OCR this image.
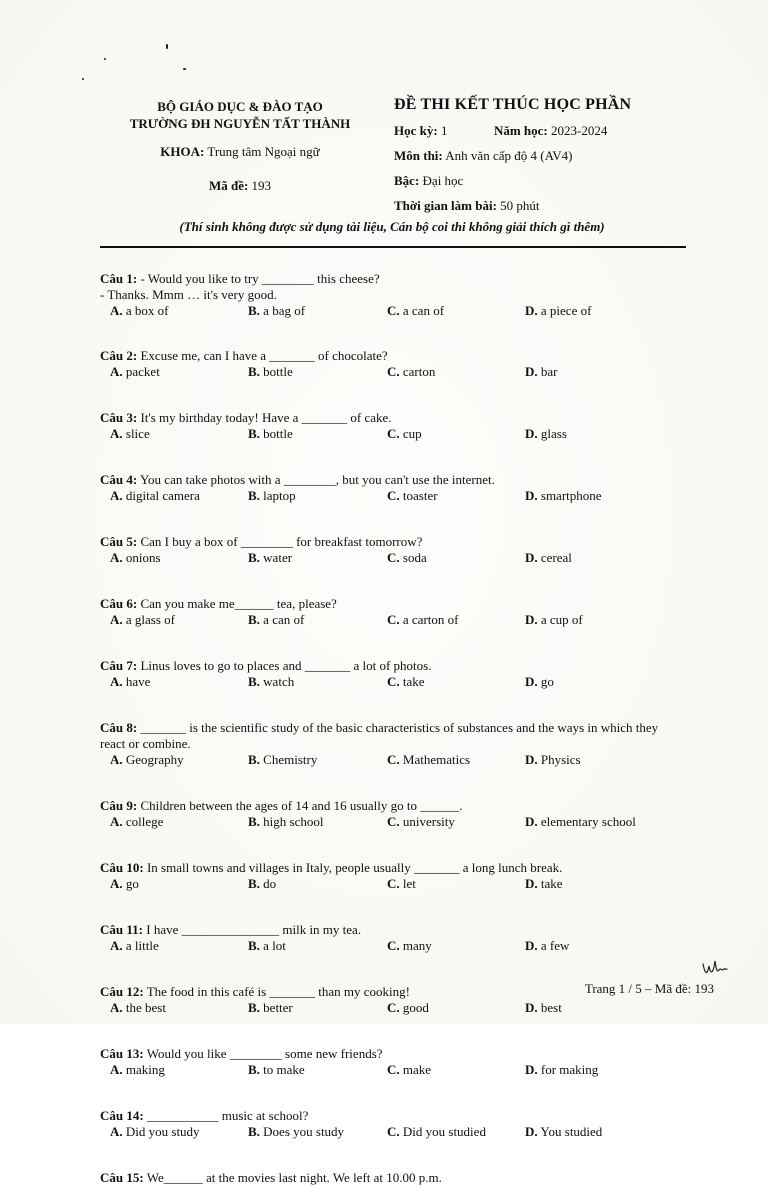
BỘ GIÁO DỤC & ĐÀO TẠO
TRƯỜNG ĐH NGUYỄN TẤT THÀNH
KHOA: Trung tâm Ngoại ngữ
Mã đề: 193
ĐỀ THI KẾT THÚC HỌC PHẦN
Học kỳ: 1	Năm học: 2023-2024
Môn thi: Anh văn cấp độ 4 (AV4)
Bậc: Đại học
Thời gian làm bài: 50 phút
(Thí sinh không được sử dụng tài liệu, Cán bộ coi thi không giải thích gì thêm)
Câu 1: - Would you like to try ________ this cheese?
- Thanks. Mmm … it's very good.
A. a box of	B. a bag of	C. a can of	D. a piece of
Câu 2: Excuse me, can I have a _______ of chocolate?
A. packet	B. bottle	C. carton	D. bar
Câu 3: It's my birthday today! Have a _______ of cake.
A. slice	B. bottle	C. cup	D. glass
Câu 4: You can take photos with a ________, but you can't use the internet.
A. digital camera	B. laptop	C. toaster	D. smartphone
Câu 5: Can I buy a box of ________ for breakfast tomorrow?
A. onions	B. water	C. soda	D. cereal
Câu 6: Can you make me______ tea, please?
A. a glass of	B. a can of	C. a carton of	D. a cup of
Câu 7: Linus loves to go to places and _______ a lot of photos.
A. have	B. watch	C. take	D. go
Câu 8: _______ is the scientific study of the basic characteristics of substances and the ways in which they
react or combine.
A. Geography	B. Chemistry	C. Mathematics	D. Physics
Câu 9: Children between the ages of 14 and 16 usually go to ______.
A. college	B. high school	C. university	D. elementary school
Câu 10: In small towns and villages in Italy, people usually _______ a long lunch break.
A. go	B. do	C. let	D. take
Câu 11: I have _______________ milk in my tea.
A. a little	B. a lot	C. many	D. a few
Câu 12: The food in this café is _______ than my cooking!
A. the best	B. better	C. good	D. best
Câu 13: Would you like ________ some new friends?
A. making	B. to make	C. make	D. for making
Câu 14: ___________ music at school?
A. Did you study	B. Does you study	C. Did you studied	D. You studied
Câu 15: We______ at the movies last night. We left at 10.00 p.m.
Trang 1 / 5 – Mã đề: 193
